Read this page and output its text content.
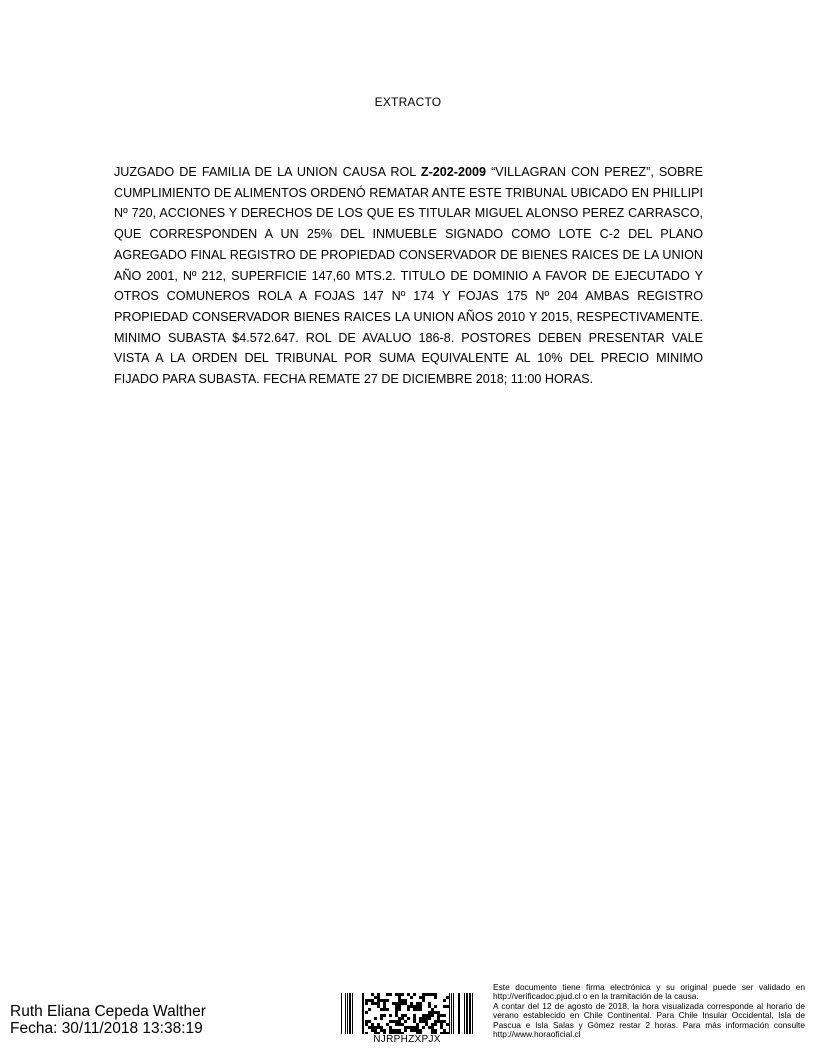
EXTRACTO
JUZGADO DE FAMILIA DE LA UNION CAUSA ROL Z-202-2009 “VILLAGRAN CON PEREZ”, SOBRE CUMPLIMIENTO DE ALIMENTOS ORDENÓ REMATAR ANTE ESTE TRIBUNAL UBICADO EN PHILLIPI Nº 720, ACCIONES Y DERECHOS DE LOS QUE ES TITULAR MIGUEL ALONSO PEREZ CARRASCO, QUE CORRESPONDEN A UN 25% DEL INMUEBLE SIGNADO COMO LOTE C-2 DEL PLANO AGREGADO FINAL REGISTRO DE PROPIEDAD CONSERVADOR DE BIENES RAICES DE LA UNION AÑO 2001, Nº 212, SUPERFICIE 147,60 MTS.2. TITULO DE DOMINIO A FAVOR DE EJECUTADO Y OTROS COMUNEROS ROLA A FOJAS 147 Nº 174 Y FOJAS 175 Nº 204 AMBAS REGISTRO PROPIEDAD CONSERVADOR BIENES RAICES LA UNION AÑOS 2010 Y 2015, RESPECTIVAMENTE. MINIMO SUBASTA $4.572.647. ROL DE AVALUO 186-8. POSTORES DEBEN PRESENTAR VALE VISTA A LA ORDEN DEL TRIBUNAL POR SUMA EQUIVALENTE AL 10% DEL PRECIO MINIMO FIJADO PARA SUBASTA. FECHA REMATE 27 DE DICIEMBRE 2018; 11:00 HORAS.
Ruth Eliana Cepeda Walther
Fecha: 30/11/2018 13:38:19
NJRPHZXPJX

Este documento tiene firma electrónica y su original puede ser validado en http://verificadoc.pjud.cl o en la tramitación de la causa.

A contar del 12 de agosto de 2018, la hora visualizada corresponde al horario de verano establecido en Chile Continental. Para Chile Insular Occidental, Isla de Pascua e Isla Salas y Gómez restar 2 horas. Para más información consulte http://www.horaoficial.cl
